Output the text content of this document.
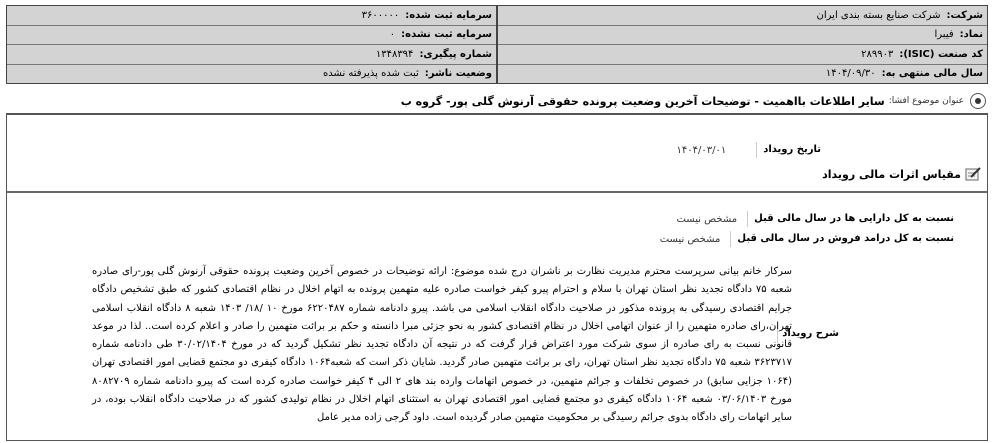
شرکت:
شرکت صنایع بسته بندی ایران
نماد:
فیبرا
کد صنعت (ISIC):
۲۸۹۹۰۳
سال مالی منتهی به:
۱۴۰۴/۰۹/۳۰
سرمایه ثبت شده:
۳۶۰۰۰۰۰
سرمایه ثبت نشده:
۰
شماره پیگیری:
۱۳۴۸۳۹۴
وضعیت ناشر:
ثبت شده پذیرفته نشده
عنوان موضوع افشا:
سایر اطلاعات بااهمیت - توضیحات آخرین وضعیت پرونده حقوقی آرنوش گلی پور- گروه ب
تاریخ رویداد
۱۴۰۴/۰۳/۰۱
مقیاس اثرات مالی رویداد
نسبت به کل دارایی ها در سال مالی قبل
مشخص نیست
نسبت به کل درامد فروش در سال مالی قبل
مشخص نیست
شرح رویداد
سرکار خانم بیانی سرپرست محترم مدیریت نظارت بر ناشران درج شده موضوع: ارائه توضیحات در خصوص آخرین وضعیت پرونده حقوقی آرنوش گلی پور-رای صادره شعبه ۷۵ دادگاه تجدید نظر استان تهران با سلام و احترام پیرو کیفر خواست صادره علیه متهمین پرونده به اتهام اخلال در نظام اقتصادی کشور که طبق تشخیص دادگاه جرایم اقتصادی رسیدگی به پرونده مذکور در صلاحیت دادگاه انقلاب اسلامی می باشد. پیرو دادنامه شماره ۶۲۲۰۴۸۷ مورخ ۱۰ /۱۸/ ۱۴۰۳ شعبه ۸ دادگاه انقلاب اسلامی تهران،رای صادره متهمین را از عنوان اتهامی اخلال در نظام اقتصادی کشور به نحو جزئی مبرا دانسته و حکم بر برائت متهمین را صادر و اعلام کرده است.. لذا در موعد قانونی نسبت به رای صادره از سوی شرکت مورد اعتراض قرار گرفت که در نتیجه آن دادگاه تجدید نظر تشکیل گردید که در مورخ ۳۰/۰۲/۱۴۰۴ طی دادنامه شماره ۳۶۲۳۷۱۷ شعبه ۷۵ دادگاه تجدید نظر استان تهران، رای بر برائت متهمین صادر گردید. شایان ذکر است که شعبه۱۰۶۴ دادگاه کیفری دو مجتمع قضایی امور اقتصادی تهران (۱۰۶۴ جزایی سابق) در خصوص تخلفات و جرائم متهمین، در خصوص اتهامات وارده بند های ۲ الی ۴ کیفر خواست صادره کرده است که پیرو دادنامه شماره ۸۰۸۲۷۰۹ مورخ ۰۳/۰۶/۱۴۰۳ شعبه ۱۰۶۴ دادگاه کیفری دو مجتمع قضایی امور اقتصادی تهران به استثنای اتهام اخلال در نظام تولیدی کشور که در صلاحیت دادگاه انقلاب بوده، در سایر اتهامات رای دادگاه بدوی جرائم رسیدگی بر محکومیت متهمین صادر گردیده است. داود گرجی زاده مدیر عامل
